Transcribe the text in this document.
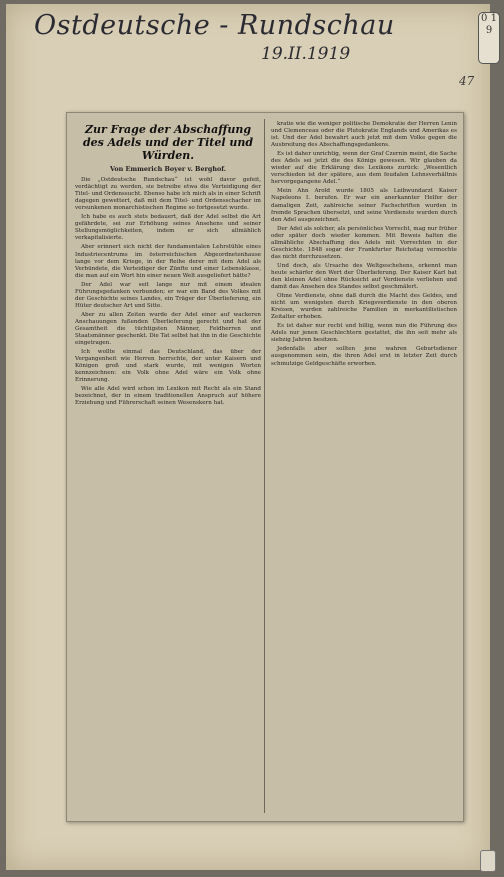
Ostdeutsche - Rundschau
19.II.1919
47
0 1 9
Zur Frage der Abschaffung des Adels und der Titel und Würden.
Von Emmerich Boyer v. Berghof.

Die „Ostdeutsche Rundschau“ ist wohl davor gefeit, verdächtigt zu werden, sie betreibe etwa die Verteidigung der Titel- und Ordenssucht. Ebenso habe ich mich als in einer Schrift dagegen gewettert, daß mit dem Titel- und Ordensschacher im versunkenen monarchistischen Regime so fortgesetzt wurde.

Ich habe es auch stets bedauert, daß der Adel selbst die Art gefährdete, sei zur Erhöhung seines Ansehens und seiner Stellungsmöglichkeiten, indem er sich allmählich verkapitalisierte.

Aber erinnert sich nicht der fundamentalen Lehrstühle eines Industriecentrums im österreichischen Abgeordnetenhause lange vor dem Kriege, in der Reihe derer mit dem Adel als Verbündete, die Verteidiger der Zünfte und einer Lebensklasse, die man auf ein Wort hin einer neuen Welt ausgeliefert hätte?

Der Adel war seit lange nur mit einem idealen Führungsgedanken verbunden; er war ein Band des Volkes mit der Geschichte seines Landes, ein Träger der Überlieferung, ein Hüter deutscher Art und Sitte.

Aber zu allen Zeiten wurde der Adel einer auf wackeren Anschauungen fußenden Überlieferung gerecht und hat der Gesamtheit die tüchtigsten Männer, Feldherren und Staatsmänner geschenkt. Die Tat selbst hat ihn in die Geschichte eingetragen.

Ich wollte einmal das Deutschland, das über der Vergangenheit wie Herren herrschte, der unter Kaisern und Königen groß und stark wurde, mit wenigen Worten kennzeichnen: ein Volk ohne Adel wäre ein Volk ohne Erinnerung.

Wie alle Adel wird schon im Lexikon mit Recht als ein Stand bezeichnet, der in einem traditionellen Anspruch auf höhere Erziehung und Führerschaft seinen Wesenskern hat.

kratie wie die weniger politische Demokratie der Herren Lenin und Clemenceau oder die Plutokratie Englands und Amerikas es ist. Und der Adel bewahrt auch jetzt mit dem Volke gegen die Ausbreitung des Abschaffungsgedankens.

Es ist daher unrichtig, wenn der Graf Czernin meint, die Sache des Adels sei jetzt die des Königs gewesen. Wir glauben da wieder auf die Erklärung des Lexikons zurück: „Wesentlich verschieden ist der spätere, aus dem feudalen Lehnsverhältnis hervorgegangene Adel.“

Mein Ahn Arold wurde 1805 als Leibwundarzt Kaiser Napoleons I. berufen. Er war ein anerkannter Helfer der damaligen Zeit, zahlreiche seiner Fachschriften wurden in fremde Sprachen übersetzt, und seine Verdienste wurden durch den Adel ausgezeichnet.

Der Adel als solcher, als persönliches Vorrecht, mag nur früher oder später doch wieder kommen. Mit Beweis halten die allmähliche Abschaffung des Adels mit Vorrechten in der Geschichte. 1848 sogar der Frankfurter Reichstag vermochte das nicht durchzusetzen.

Und doch, als Ursache des Weltgeschehens, erkennt man heute schärfer den Wert der Überlieferung. Der Kaiser Karl hat den kleinen Adel ohne Rücksicht auf Verdienste verliehen und damit das Ansehen des Standes selbst geschmälert.

Ohne Verdienste, ohne daß durch die Macht des Geldes, und nicht um wenigsten durch Kriegsverdienste in den oberen Kreisen, wurden zahlreiche Familien in merkantilistischen Zeitalter erhoben.

Es ist daher nur recht und billig, wenn nun die Führung des Adels nur jenen Geschlechtern gestattet, die ihn seit mehr als siebzig Jahren besitzen.

Jedenfalls aber sollten jene wahren Geburtsdiener ausgenommen sein, die ihren Adel erst in letzter Zeit durch schmutzige Geldgeschäfte erworben.
